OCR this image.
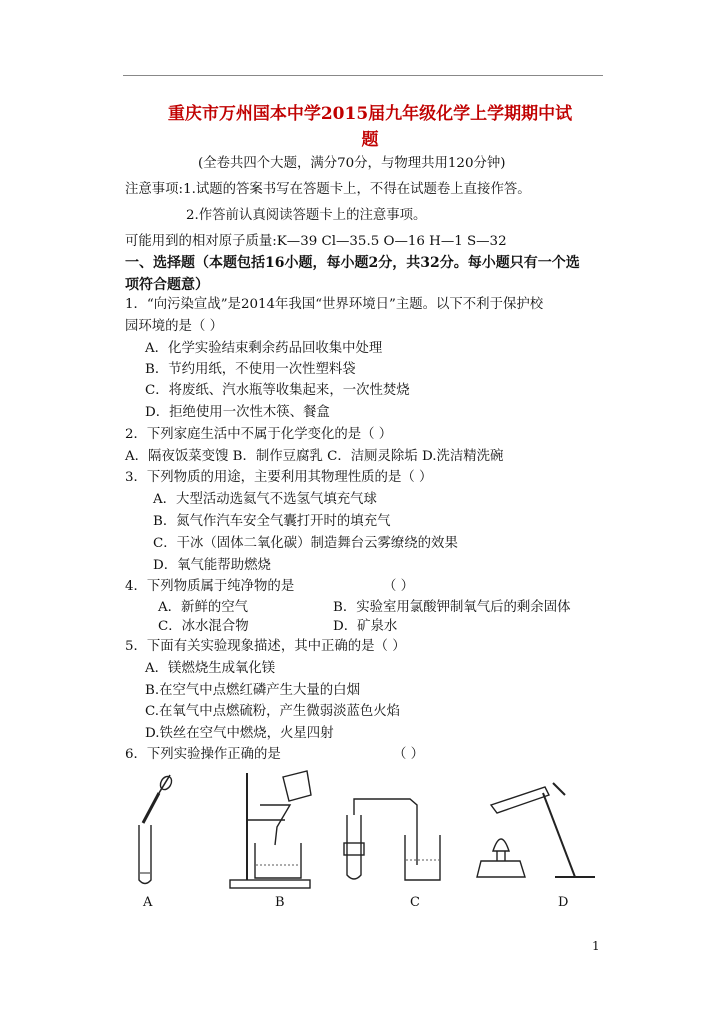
重庆市万州国本中学2015届九年级化学上学期期中试
题
(全卷共四个大题，满分70分，与物理共用120分钟)
注意事项:1.试题的答案书写在答题卡上，不得在试题卷上直接作答。
2.作答前认真阅读答题卡上的注意事项。
可能用到的相对原子质量:K—39 Cl—35.5 O—16 H—1 S—32
一、选择题（本题包括16小题，每小题2分，共32分。每小题只有一个选
项符合题意）
1．“向污染宣战”是2014年我国“世界环境日”主题。以下不利于保护校
园环境的是（ ）
A．化学实验结束剩余药品回收集中处理
B．节约用纸，不使用一次性塑料袋
C．将废纸、汽水瓶等收集起来，一次性焚烧
D．拒绝使用一次性木筷、餐盒
2．下列家庭生活中不属于化学变化的是（ ）
A．隔夜饭菜变馊 B．制作豆腐乳 C．洁厕灵除垢 D.洗洁精洗碗
3．下列物质的用途，主要利用其物理性质的是（ ）
A．大型活动选氦气不选氢气填充气球
B．氮气作汽车安全气囊打开时的填充气
C．干冰（固体二氧化碳）制造舞台云雾缭绕的效果
D．氧气能帮助燃烧
4．下列物质属于纯净物的是	（ ）
A．新鲜的空气	B．实验室用氯酸钾制氧气后的剩余固体
C．冰水混合物	D．矿泉水
5．下面有关实验现象描述，其中正确的是（ ）
A．镁燃烧生成氧化镁
B.在空气中点燃红磷产生大量的白烟
C.在氧气中点燃硫粉，产生微弱淡蓝色火焰
D.铁丝在空气中燃烧，火星四射
6．下列实验操作正确的是	（ ）
A	B	C	D
1
